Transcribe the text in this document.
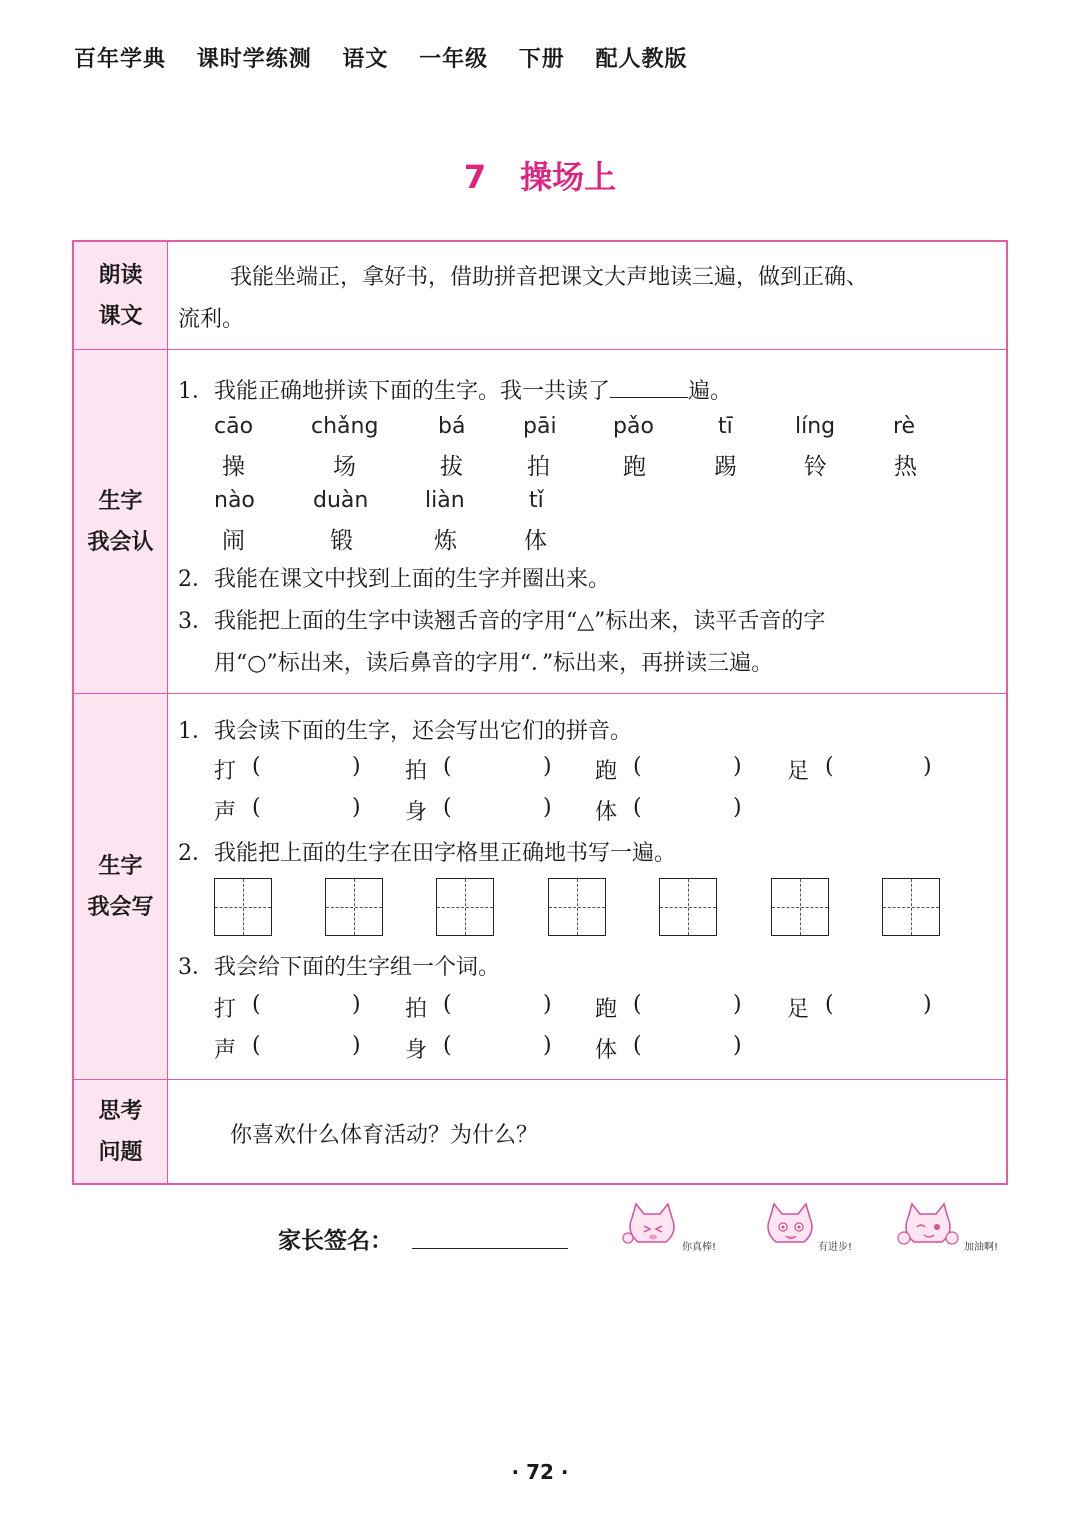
百年学典 课时学练测 语文 一年级 下册 配人教版
7 操场上
朗读
课文
我能坐端正，拿好书，借助拼音把课文大声地读三遍，做到正确、
流利。
生字
我会认
1．我能正确地拼读下面的生字。我一共读了	遍。
cāo	chǎng	bá	pāi	pǎo	tī	líng	rè
操	场	拔	拍	跑	踢	铃	热
nào	duàn	liàn	tǐ
闹	锻	炼	体
2．我能在课文中找到上面的生字并圈出来。
3．我能把上面的生字中读翘舌音的字用“△”标出来，读平舌音的字
用“○”标出来，读后鼻音的字用“．”标出来，再拼读三遍。
生字
我会写
1．我会读下面的生字，还会写出它们的拼音。
打 (	) 拍 (	) 跑 (	) 足 (	)
声 (	) 身 (	) 体 (	)
2．我能把上面的生字在田字格里正确地书写一遍。
3．我会给下面的生字组一个词。
打 (	) 拍 (	) 跑 (	) 足 (	)
声 (	) 身 (	) 体 (	)
思考
问题
你喜欢什么体育活动？为什么？
家长签名：	你真棒!	有进步!	加油啊!
· 72 ·
